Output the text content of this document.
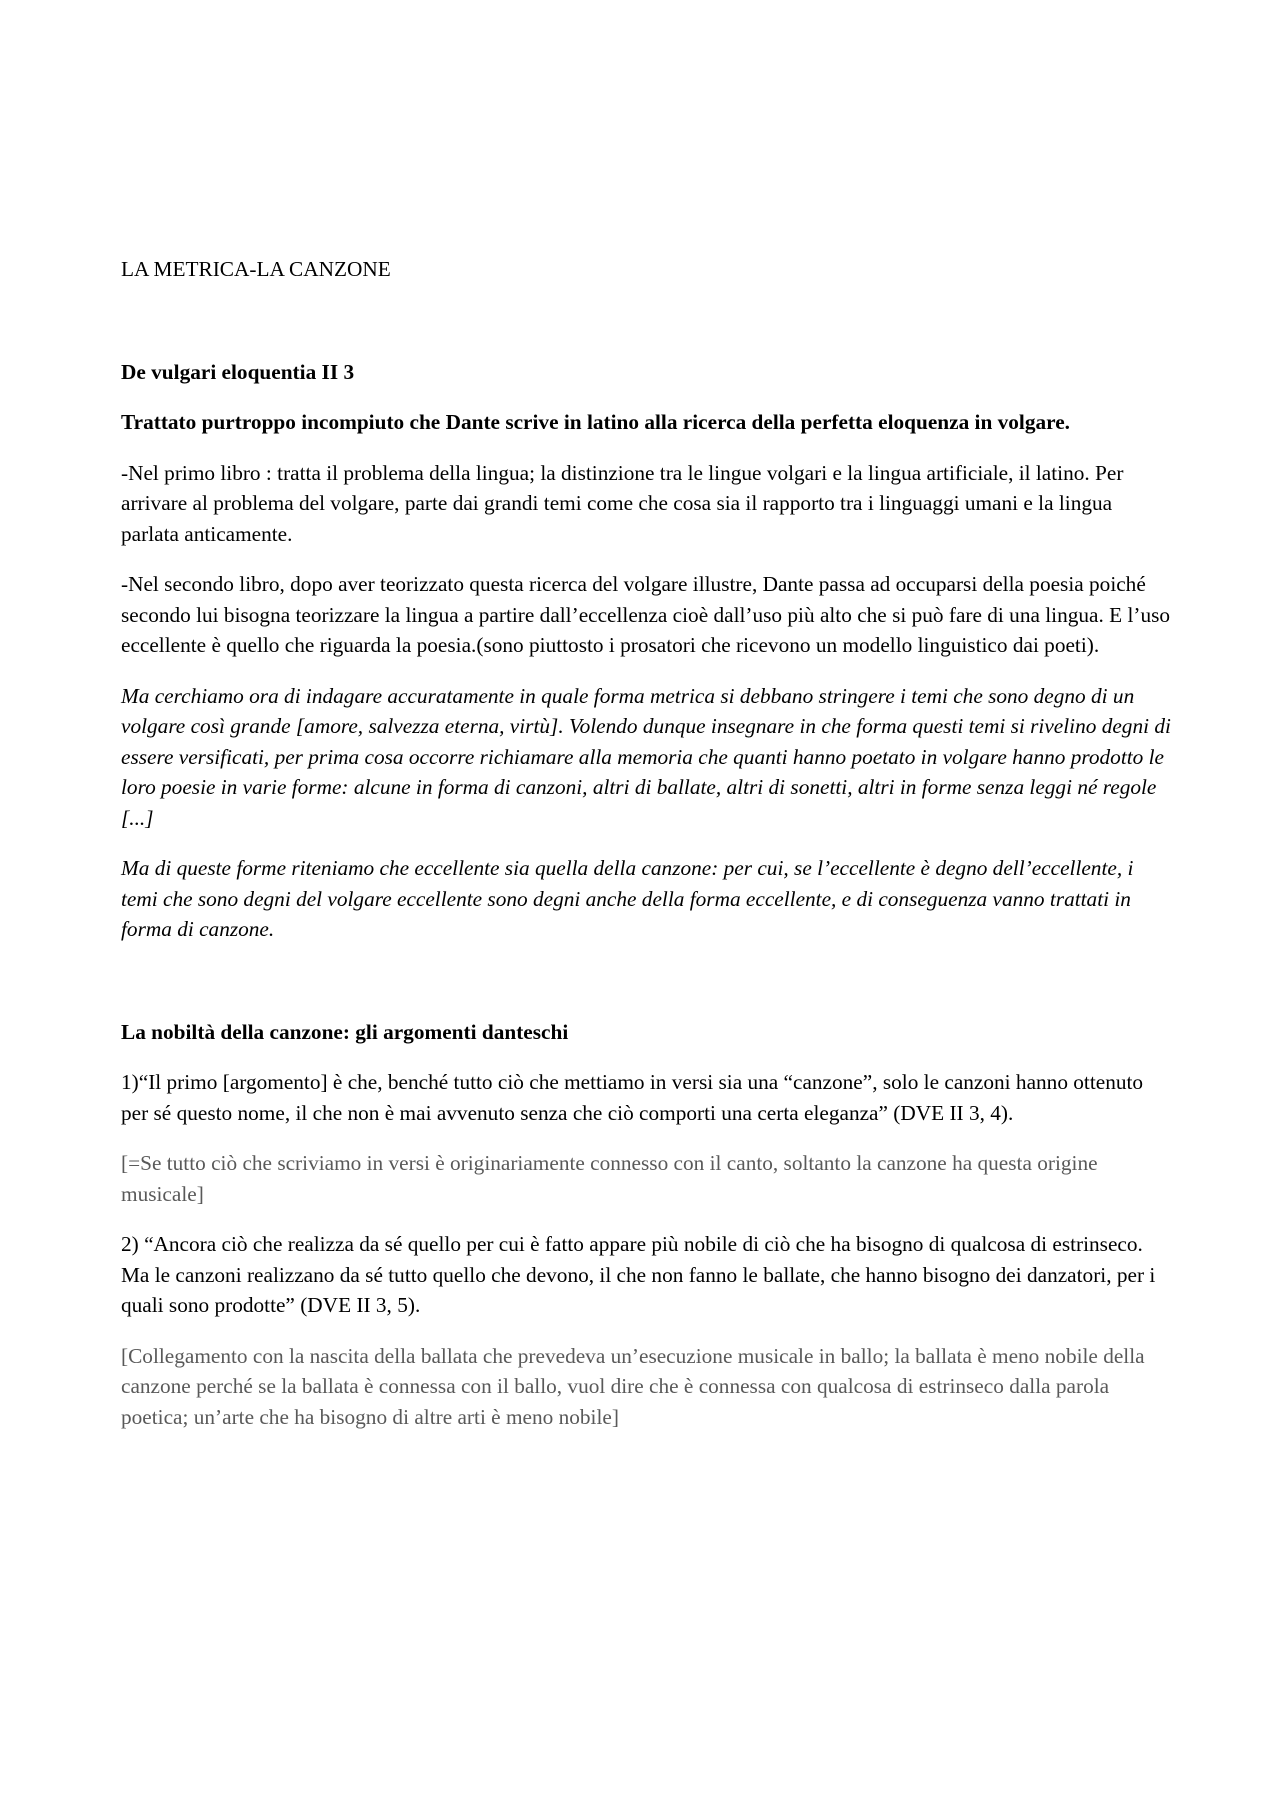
LA METRICA-LA CANZONE

De vulgari eloquentia II 3

Trattato purtroppo incompiuto che Dante scrive in latino alla ricerca della perfetta eloquenza in volgare.

-Nel primo libro : tratta il problema della lingua; la distinzione tra le lingue volgari e la lingua artificiale, il latino. Per arrivare al problema del volgare, parte dai grandi temi come che cosa sia il rapporto tra i linguaggi umani e la lingua parlata anticamente.

-Nel secondo libro, dopo aver teorizzato questa ricerca del volgare illustre, Dante passa ad occuparsi della poesia poiché secondo lui bisogna teorizzare la lingua a partire dall’eccellenza cioè dall’uso più alto che si può fare di una lingua. E l’uso eccellente è quello che riguarda la poesia.(sono piuttosto i prosatori che ricevono un modello linguistico dai poeti).

Ma cerchiamo ora di indagare accuratamente in quale forma metrica si debbano stringere i temi che sono degno di un volgare così grande [amore, salvezza eterna, virtù]. Volendo dunque insegnare in che forma questi temi si rivelino degni di essere versificati, per prima cosa occorre richiamare alla memoria che quanti hanno poetato in volgare hanno prodotto le loro poesie in varie forme: alcune in forma di canzoni, altri di ballate, altri di sonetti, altri in forme senza leggi né regole [...]

Ma di queste forme riteniamo che eccellente sia quella della canzone: per cui, se l’eccellente è degno dell’eccellente, i temi che sono degni del volgare eccellente sono degni anche della forma eccellente, e di conseguenza vanno trattati in forma di canzone.

La nobiltà della canzone: gli argomenti danteschi

1)“Il primo [argomento] è che, benché tutto ciò che mettiamo in versi sia una “canzone”, solo le canzoni hanno ottenuto per sé questo nome, il che non è mai avvenuto senza che ciò comporti una certa eleganza” (DVE II 3, 4).

[=Se tutto ciò che scriviamo in versi è originariamente connesso con il canto, soltanto la canzone ha questa origine musicale]

2) “Ancora ciò che realizza da sé quello per cui è fatto appare più nobile di ciò che ha bisogno di qualcosa di estrinseco. Ma le canzoni realizzano da sé tutto quello che devono, il che non fanno le ballate, che hanno bisogno dei danzatori, per i quali sono prodotte” (DVE II 3, 5).

[Collegamento con la nascita della ballata che prevedeva un’esecuzione musicale in ballo; la ballata è meno nobile della canzone perché se la ballata è connessa con il ballo, vuol dire che è connessa con qualcosa di estrinseco dalla parola poetica; un’arte che ha bisogno di altre arti è meno nobile]
